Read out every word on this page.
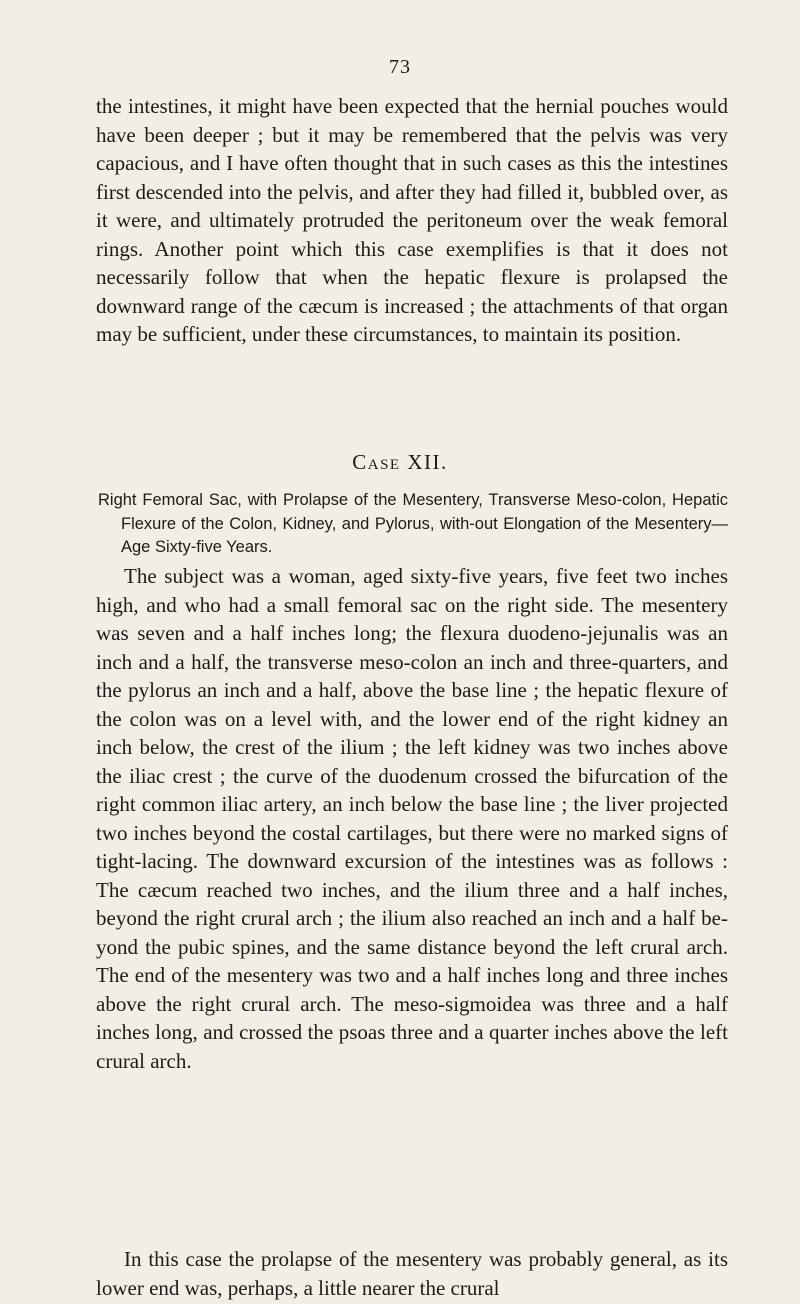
73

the intestines, it might have been expected that the hernial pouches would have been deeper ; but it may be remembered that the pelvis was very capacious, and I have often thought that in such cases as this the intestines first descended into the pelvis, and after they had filled it, bubbled over, as it were, and ultimately protruded the peritoneum over the weak femoral rings. Another point which this case exemplifies is that it does not necessarily follow that when the hepatic flexure is prolapsed the downward range of the cæcum is increased ; the attachments of that organ may be sufficient, under these circumstances, to maintain its position.

Case XII.

Right Femoral Sac, with Prolapse of the Mesentery, Transverse Meso-colon, Hepatic Flexure of the Colon, Kidney, and Pylorus, with-out Elongation of the Mesentery—Age Sixty-five Years.

The subject was a woman, aged sixty-five years, five feet two inches high, and who had a small femoral sac on the right side. The mesentery was seven and a half inches long; the flexura duodeno-jejunalis was an inch and a half, the transverse meso-colon an inch and three-quarters, and the pylorus an inch and a half, above the base line ; the hepatic flexure of the colon was on a level with, and the lower end of the right kidney an inch below, the crest of the ilium ; the left kidney was two inches above the iliac crest ; the curve of the duodenum crossed the bifurcation of the right common iliac artery, an inch below the base line ; the liver projected two inches beyond the costal cartilages, but there were no marked signs of tight-lacing. The downward excursion of the intestines was as follows : The cæcum reached two inches, and the ilium three and a half inches, beyond the right crural arch ; the ilium also reached an inch and a half be-yond the pubic spines, and the same distance beyond the left crural arch. The end of the mesentery was two and a half inches long and three inches above the right crural arch. The meso-sigmoidea was three and a half inches long, and crossed the psoas three and a quarter inches above the left crural arch.

In this case the prolapse of the mesentery was probably general, as its lower end was, perhaps, a little nearer the crural
